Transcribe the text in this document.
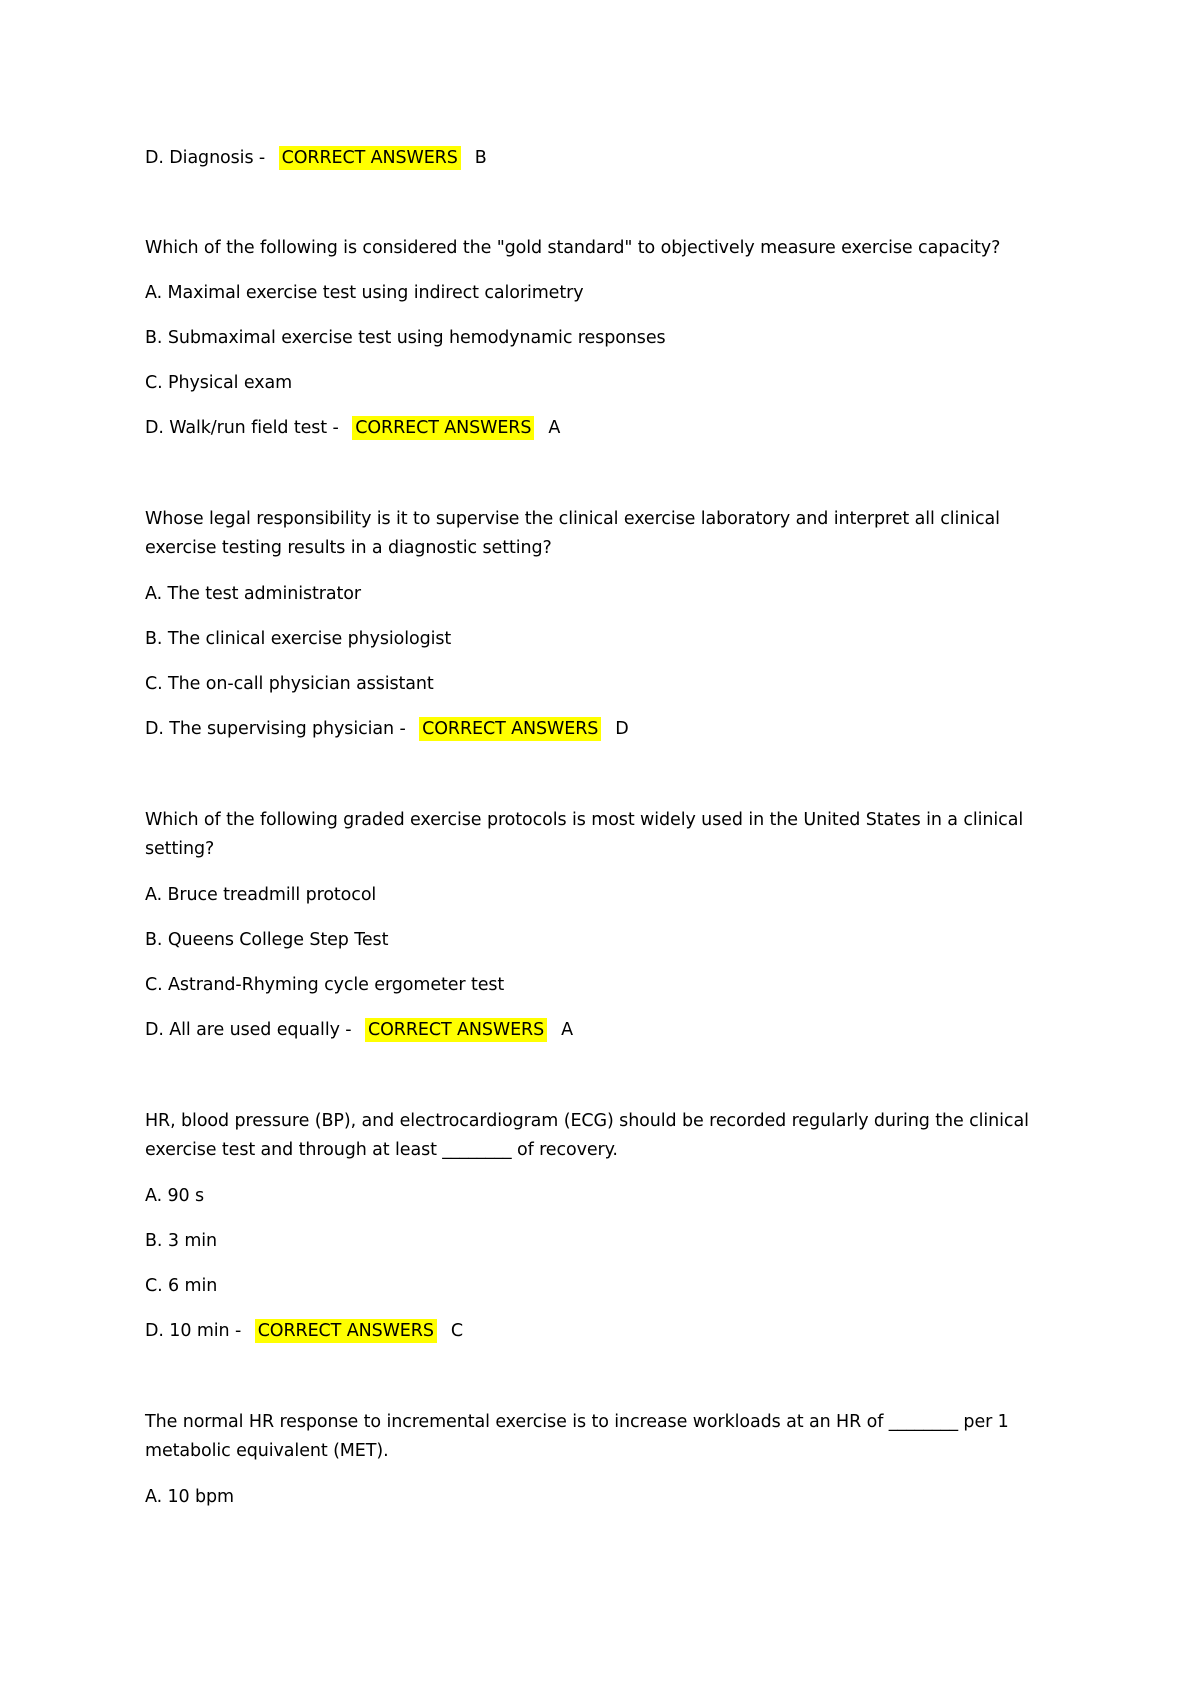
D. Diagnosis - CORRECT ANSWERS B
Which of the following is considered the "gold standard" to objectively measure exercise capacity?
A. Maximal exercise test using indirect calorimetry
B. Submaximal exercise test using hemodynamic responses
C. Physical exam
D. Walk/run field test - CORRECT ANSWERS A
Whose legal responsibility is it to supervise the clinical exercise laboratory and interpret all clinical
exercise testing results in a diagnostic setting?
A. The test administrator
B. The clinical exercise physiologist
C. The on-call physician assistant
D. The supervising physician - CORRECT ANSWERS D
Which of the following graded exercise protocols is most widely used in the United States in a clinical
setting?
A. Bruce treadmill protocol
B. Queens College Step Test
C. Astrand-Rhyming cycle ergometer test
D. All are used equally - CORRECT ANSWERS A
HR, blood pressure (BP), and electrocardiogram (ECG) should be recorded regularly during the clinical
exercise test and through at least ________ of recovery.
A. 90 s
B. 3 min
C. 6 min
D. 10 min - CORRECT ANSWERS C
The normal HR response to incremental exercise is to increase workloads at an HR of ________ per 1
metabolic equivalent (MET).
A. 10 bpm
